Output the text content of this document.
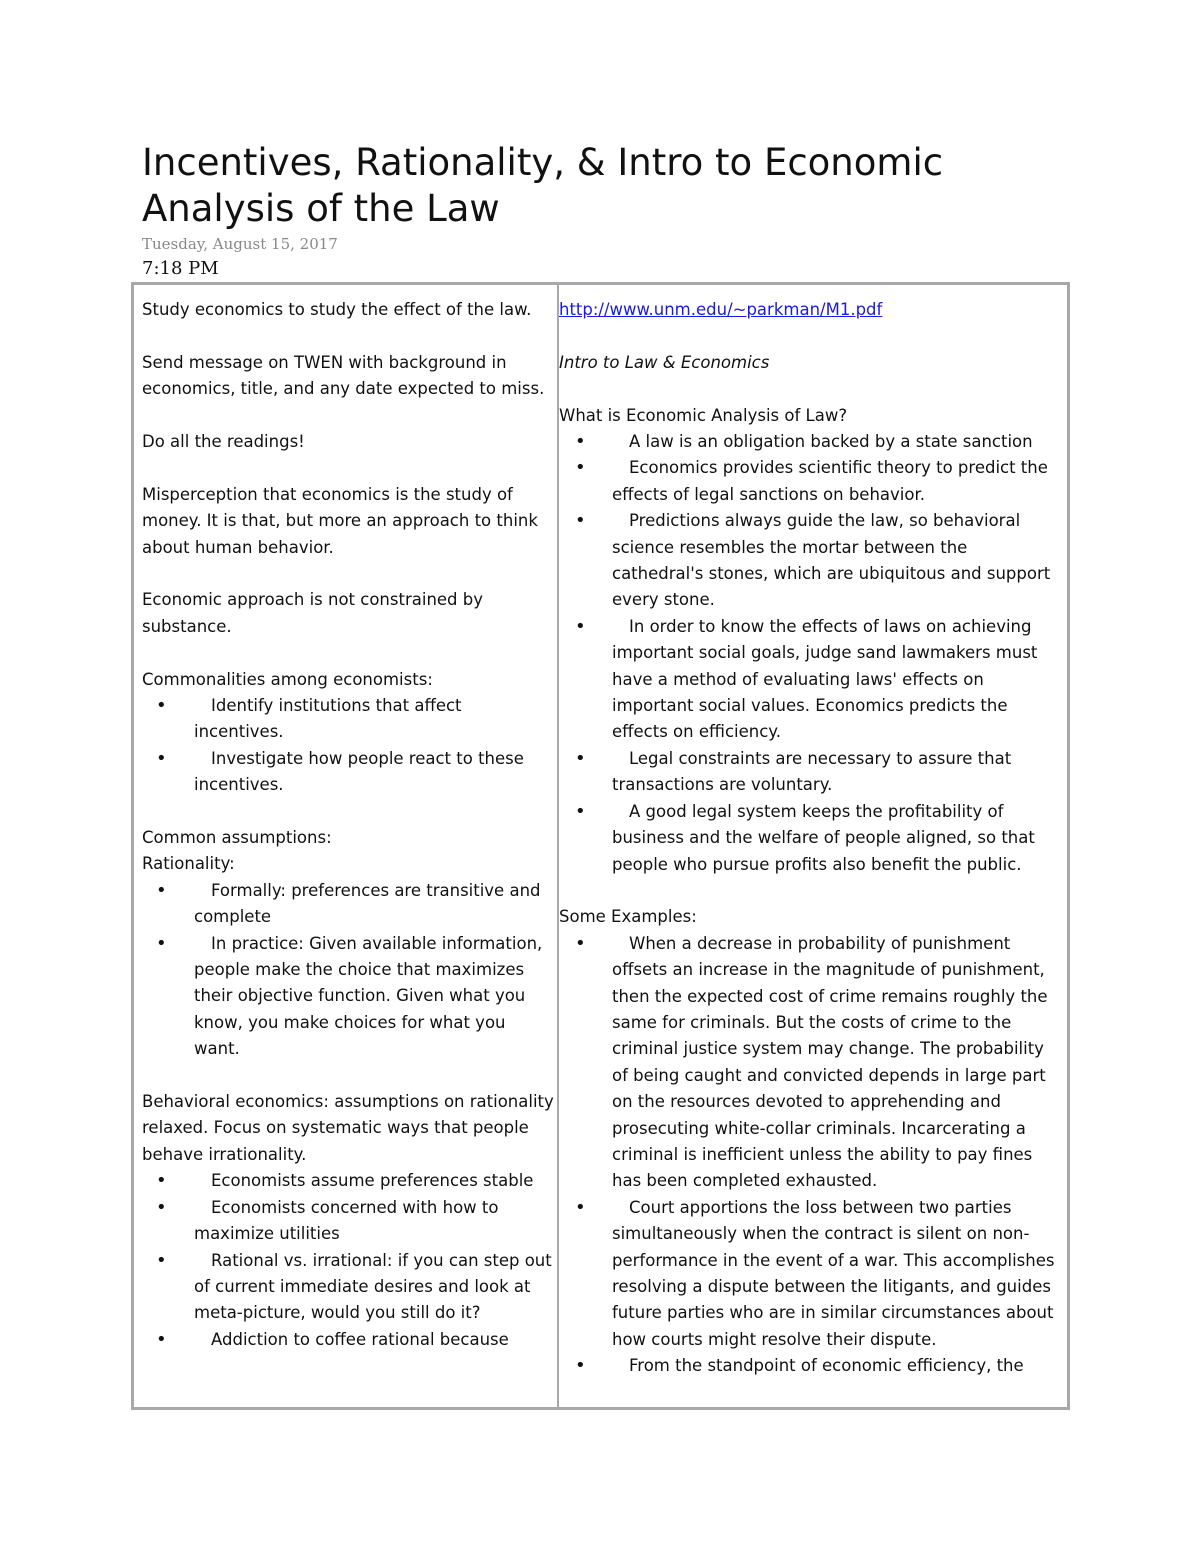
Incentives, Rationality, & Intro to Economic Analysis of the Law
Tuesday, August 15, 2017
7:18 PM

Study economics to study the effect of the law.

Send message on TWEN with background in economics, title, and any date expected to miss.

Do all the readings!

Misperception that economics is the study of money. It is that, but more an approach to think about human behavior.

Economic approach is not constrained by substance.

Commonalities among economists:

•	Identify institutions that affect incentives.
•	Investigate how people react to these incentives.

Common assumptions:

Rationality:

•	Formally: preferences are transitive and complete
•	In practice: Given available information, people make the choice that maximizes their objective function. Given what you know, you make choices for what you want.

Behavioral economics: assumptions on rationality relaxed. Focus on systematic ways that people behave irrationality.

•	Economists assume preferences stable
•	Economists concerned with how to maximize utilities
•	Rational vs. irrational: if you can step out of current immediate desires and look at meta-picture, would you still do it?
•	Addiction to coffee rational because

http://www.unm.edu/~parkman/M1.pdf

Intro to Law & Economics

What is Economic Analysis of Law?

•	A law is an obligation backed by a state sanction
•	Economics provides scientific theory to predict the effects of legal sanctions on behavior.
•	Predictions always guide the law, so behavioral science resembles the mortar between the cathedral's stones, which are ubiquitous and support every stone.
•	In order to know the effects of laws on achieving important social goals, judge sand lawmakers must have a method of evaluating laws' effects on important social values. Economics predicts the effects on efficiency.
•	Legal constraints are necessary to assure that transactions are voluntary.
•	A good legal system keeps the profitability of business and the welfare of people aligned, so that people who pursue profits also benefit the public.

Some Examples:

•	When a decrease in probability of punishment offsets an increase in the magnitude of punishment, then the expected cost of crime remains roughly the same for criminals. But the costs of crime to the criminal justice system may change. The probability of being caught and convicted depends in large part on the resources devoted to apprehending and prosecuting white-collar criminals. Incarcerating a criminal is inefficient unless the ability to pay fines has been completed exhausted.
•	Court apportions the loss between two parties simultaneously when the contract is silent on non-performance in the event of a war. This accomplishes resolving a dispute between the litigants, and guides future parties who are in similar circumstances about how courts might resolve their dispute.
•	From the standpoint of economic efficiency, the
